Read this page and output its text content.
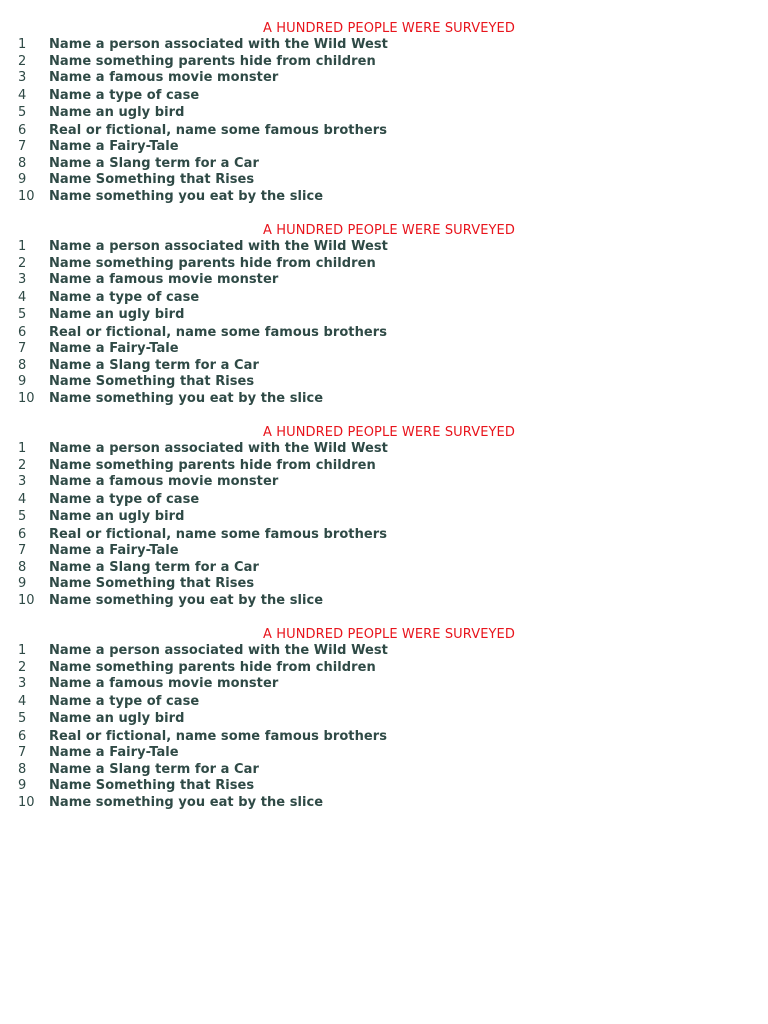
A HUNDRED PEOPLE WERE SURVEYED
1 Name a person associated with the Wild West
2 Name something parents hide from children
3 Name a famous movie monster
4 Name a type of case
5 Name an ugly bird
6 Real or fictional, name some famous brothers
7 Name a Fairy-Tale
8 Name a Slang term for a Car
9 Name Something that Rises
10 Name something you eat by the slice
A HUNDRED PEOPLE WERE SURVEYED
1 Name a person associated with the Wild West
2 Name something parents hide from children
3 Name a famous movie monster
4 Name a type of case
5 Name an ugly bird
6 Real or fictional, name some famous brothers
7 Name a Fairy-Tale
8 Name a Slang term for a Car
9 Name Something that Rises
10 Name something you eat by the slice
A HUNDRED PEOPLE WERE SURVEYED
1 Name a person associated with the Wild West
2 Name something parents hide from children
3 Name a famous movie monster
4 Name a type of case
5 Name an ugly bird
6 Real or fictional, name some famous brothers
7 Name a Fairy-Tale
8 Name a Slang term for a Car
9 Name Something that Rises
10 Name something you eat by the slice
A HUNDRED PEOPLE WERE SURVEYED
1 Name a person associated with the Wild West
2 Name something parents hide from children
3 Name a famous movie monster
4 Name a type of case
5 Name an ugly bird
6 Real or fictional, name some famous brothers
7 Name a Fairy-Tale
8 Name a Slang term for a Car
9 Name Something that Rises
10 Name something you eat by the slice
